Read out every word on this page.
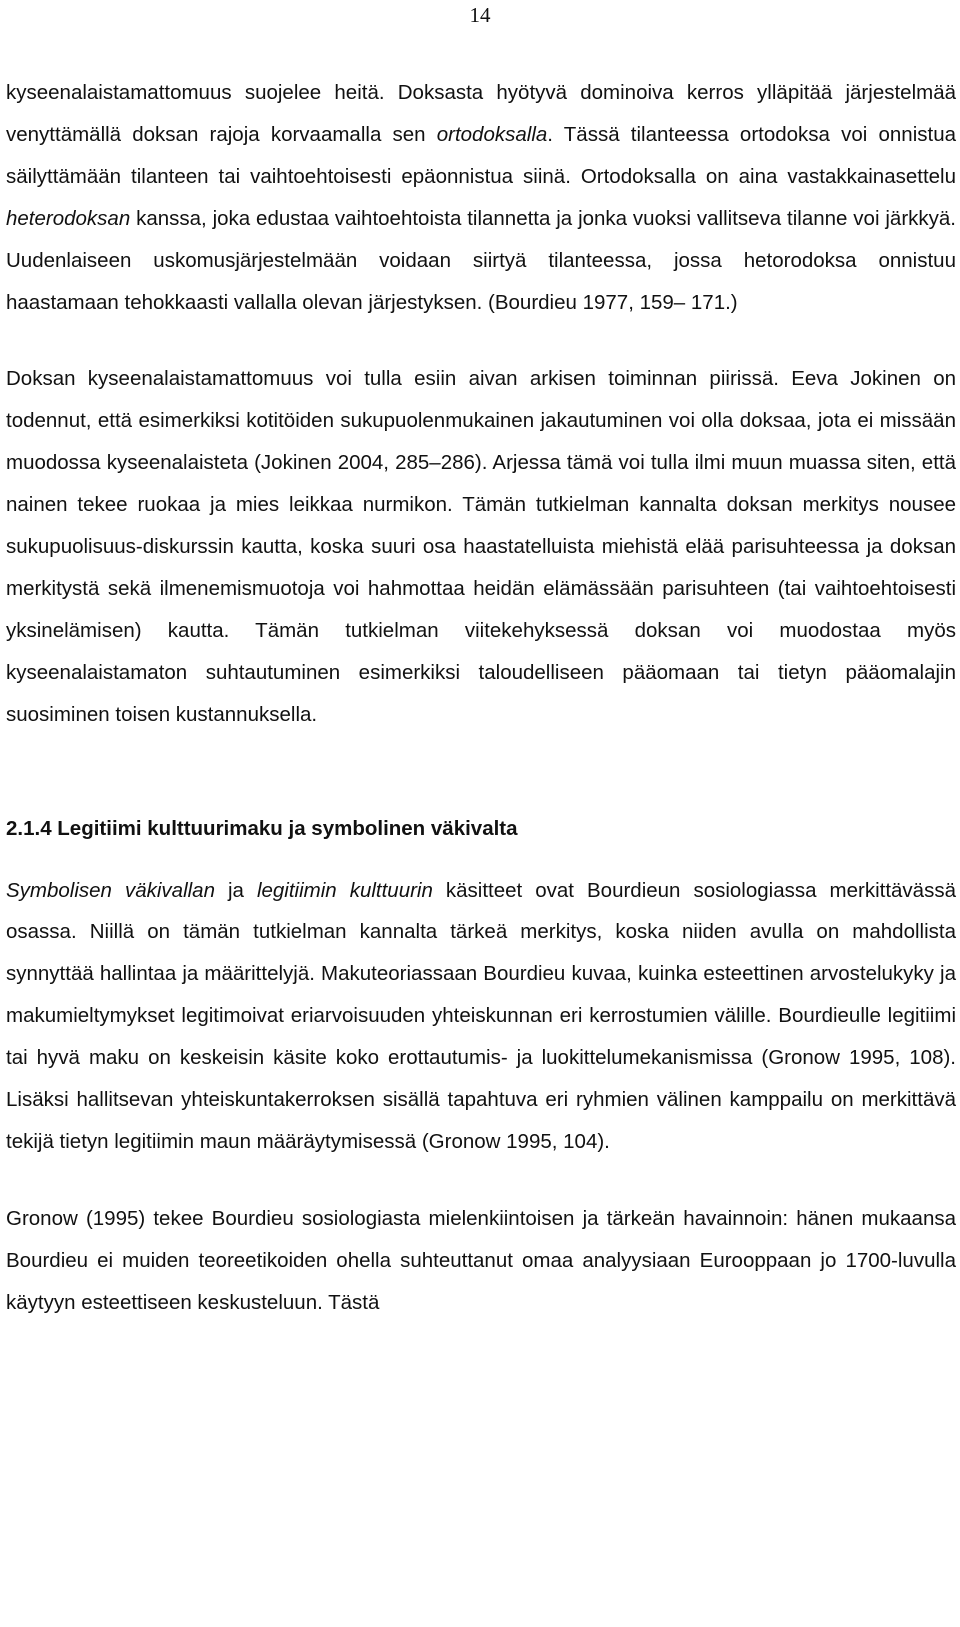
14

kyseenalaistamattomuus suojelee heitä. Doksasta hyötyvä dominoiva kerros ylläpitää järjestelmää venyttämällä doksan rajoja korvaamalla sen ortodoksalla. Tässä tilanteessa ortodoksa voi onnistua säilyttämään tilanteen tai vaihtoehtoisesti epäonnistua siinä. Ortodoksalla on aina vastakkainasettelu heterodoksan kanssa, joka edustaa vaihtoehtoista tilannetta ja jonka vuoksi vallitseva tilanne voi järkkyä. Uudenlaiseen uskomusjärjestelmään voidaan siirtyä tilanteessa, jossa hetorodoksa onnistuu haastamaan tehokkaasti vallalla olevan järjestyksen. (Bourdieu 1977, 159– 171.)

Doksan kyseenalaistamattomuus voi tulla esiin aivan arkisen toiminnan piirissä. Eeva Jokinen on todennut, että esimerkiksi kotitöiden sukupuolenmukainen jakautuminen voi olla doksaa, jota ei missään muodossa kyseenalaisteta (Jokinen 2004, 285–286). Arjessa tämä voi tulla ilmi muun muassa siten, että nainen tekee ruokaa ja mies leikkaa nurmikon. Tämän tutkielman kannalta doksan merkitys nousee sukupuolisuus-diskurssin kautta, koska suuri osa haastatelluista miehistä elää parisuhteessa ja doksan merkitystä sekä ilmenemismuotoja voi hahmottaa heidän elämässään parisuhteen (tai vaihtoehtoisesti yksinelämisen) kautta. Tämän tutkielman viitekehyksessä doksan voi muodostaa myös kyseenalaistamaton suhtautuminen esimerkiksi taloudelliseen pääomaan tai tietyn pääomalajin suosiminen toisen kustannuksella.

2.1.4 Legitiimi kulttuurimaku ja symbolinen väkivalta

Symbolisen väkivallan ja legitiimin kulttuurin käsitteet ovat Bourdieun sosiologiassa merkittävässä osassa. Niillä on tämän tutkielman kannalta tärkeä merkitys, koska niiden avulla on mahdollista synnyttää hallintaa ja määrittelyjä. Makuteoriassaan Bourdieu kuvaa, kuinka esteettinen arvostelukyky ja makumieltymykset legitimoivat eriarvoisuuden yhteiskunnan eri kerrostumien välille. Bourdieulle legitiimi tai hyvä maku on keskeisin käsite koko erottautumis- ja luokittelumekanismissa (Gronow 1995, 108). Lisäksi hallitsevan yhteiskuntakerroksen sisällä tapahtuva eri ryhmien välinen kamppailu on merkittävä tekijä tietyn legitiimin maun määräytymisessä (Gronow 1995, 104).

Gronow (1995) tekee Bourdieu sosiologiasta mielenkiintoisen ja tärkeän havainnoin: hänen mukaansa Bourdieu ei muiden teoreetikoiden ohella suhteuttanut omaa analyysiaan Eurooppaan jo 1700-luvulla käytyyn esteettiseen keskusteluun. Tästä
